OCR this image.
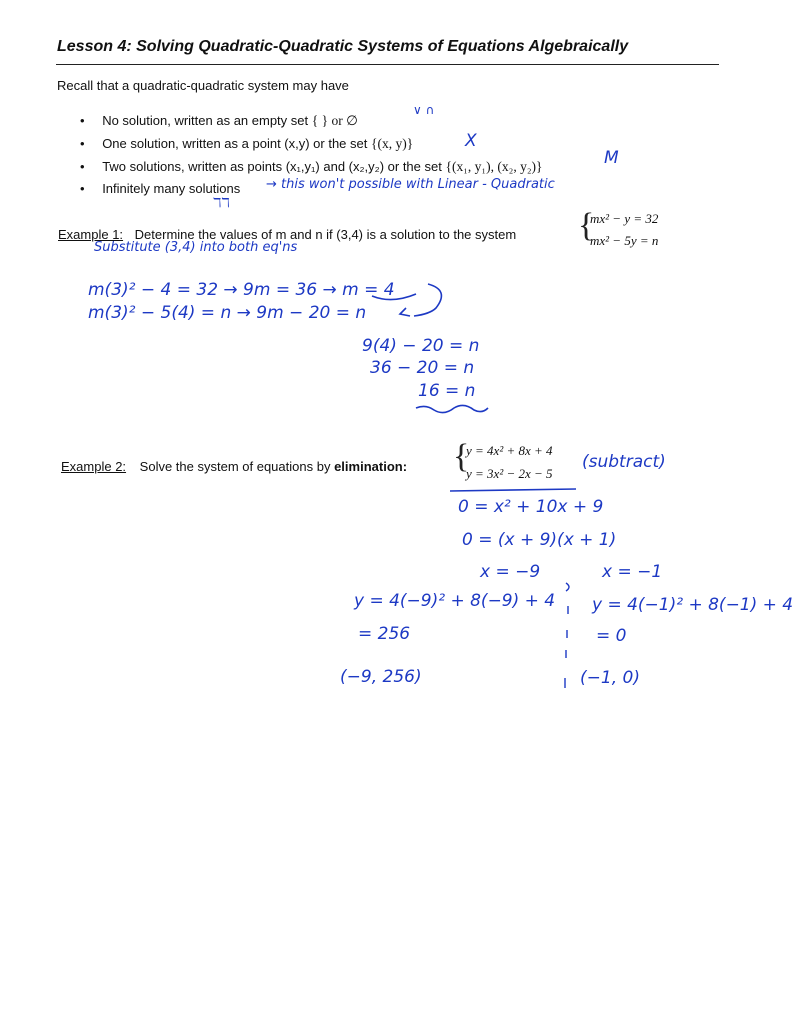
Lesson 4: Solving Quadratic-Quadratic Systems of Equations Algebraically
Recall that a quadratic-quadratic system may have
• No solution, written as an empty set { } or ∅
∨ ∩
• One solution, written as a point (x,y) or the set {(x, y)}	X
• Two solutions, written as points (x₁,y₁) and (x₂,y₂) or the set {(x₁, y₁), (x₂, y₂)}	M
• Infinitely many solutions → this won't possible with Linear - Quadratic
ℸℸ
Example 1: Determine the values of m and n if (3,4) is a solution to the system {
mx² − y = 32
mx² − 5y = n
Substitute (3,4) into both eq'ns
m(3)² − 4 = 32 → 9m = 36 → m = 4
m(3)² − 5(4) = n → 9m − 20 = n
9(4) − 20 = n
36 − 20 = n
16 = n
Example 2: Solve the system of equations by elimination: {
y = 4x² + 8x + 4
y = 3x² − 2x − 5
(subtract)
0 = x² + 10x + 9
0 = (x + 9)(x + 1)
x = −9	x = −1
y = 4(−9)² + 8(−9) + 4
= 256
(−9, 256)
y = 4(−1)² + 8(−1) + 4
= 0
(−1, 0)
